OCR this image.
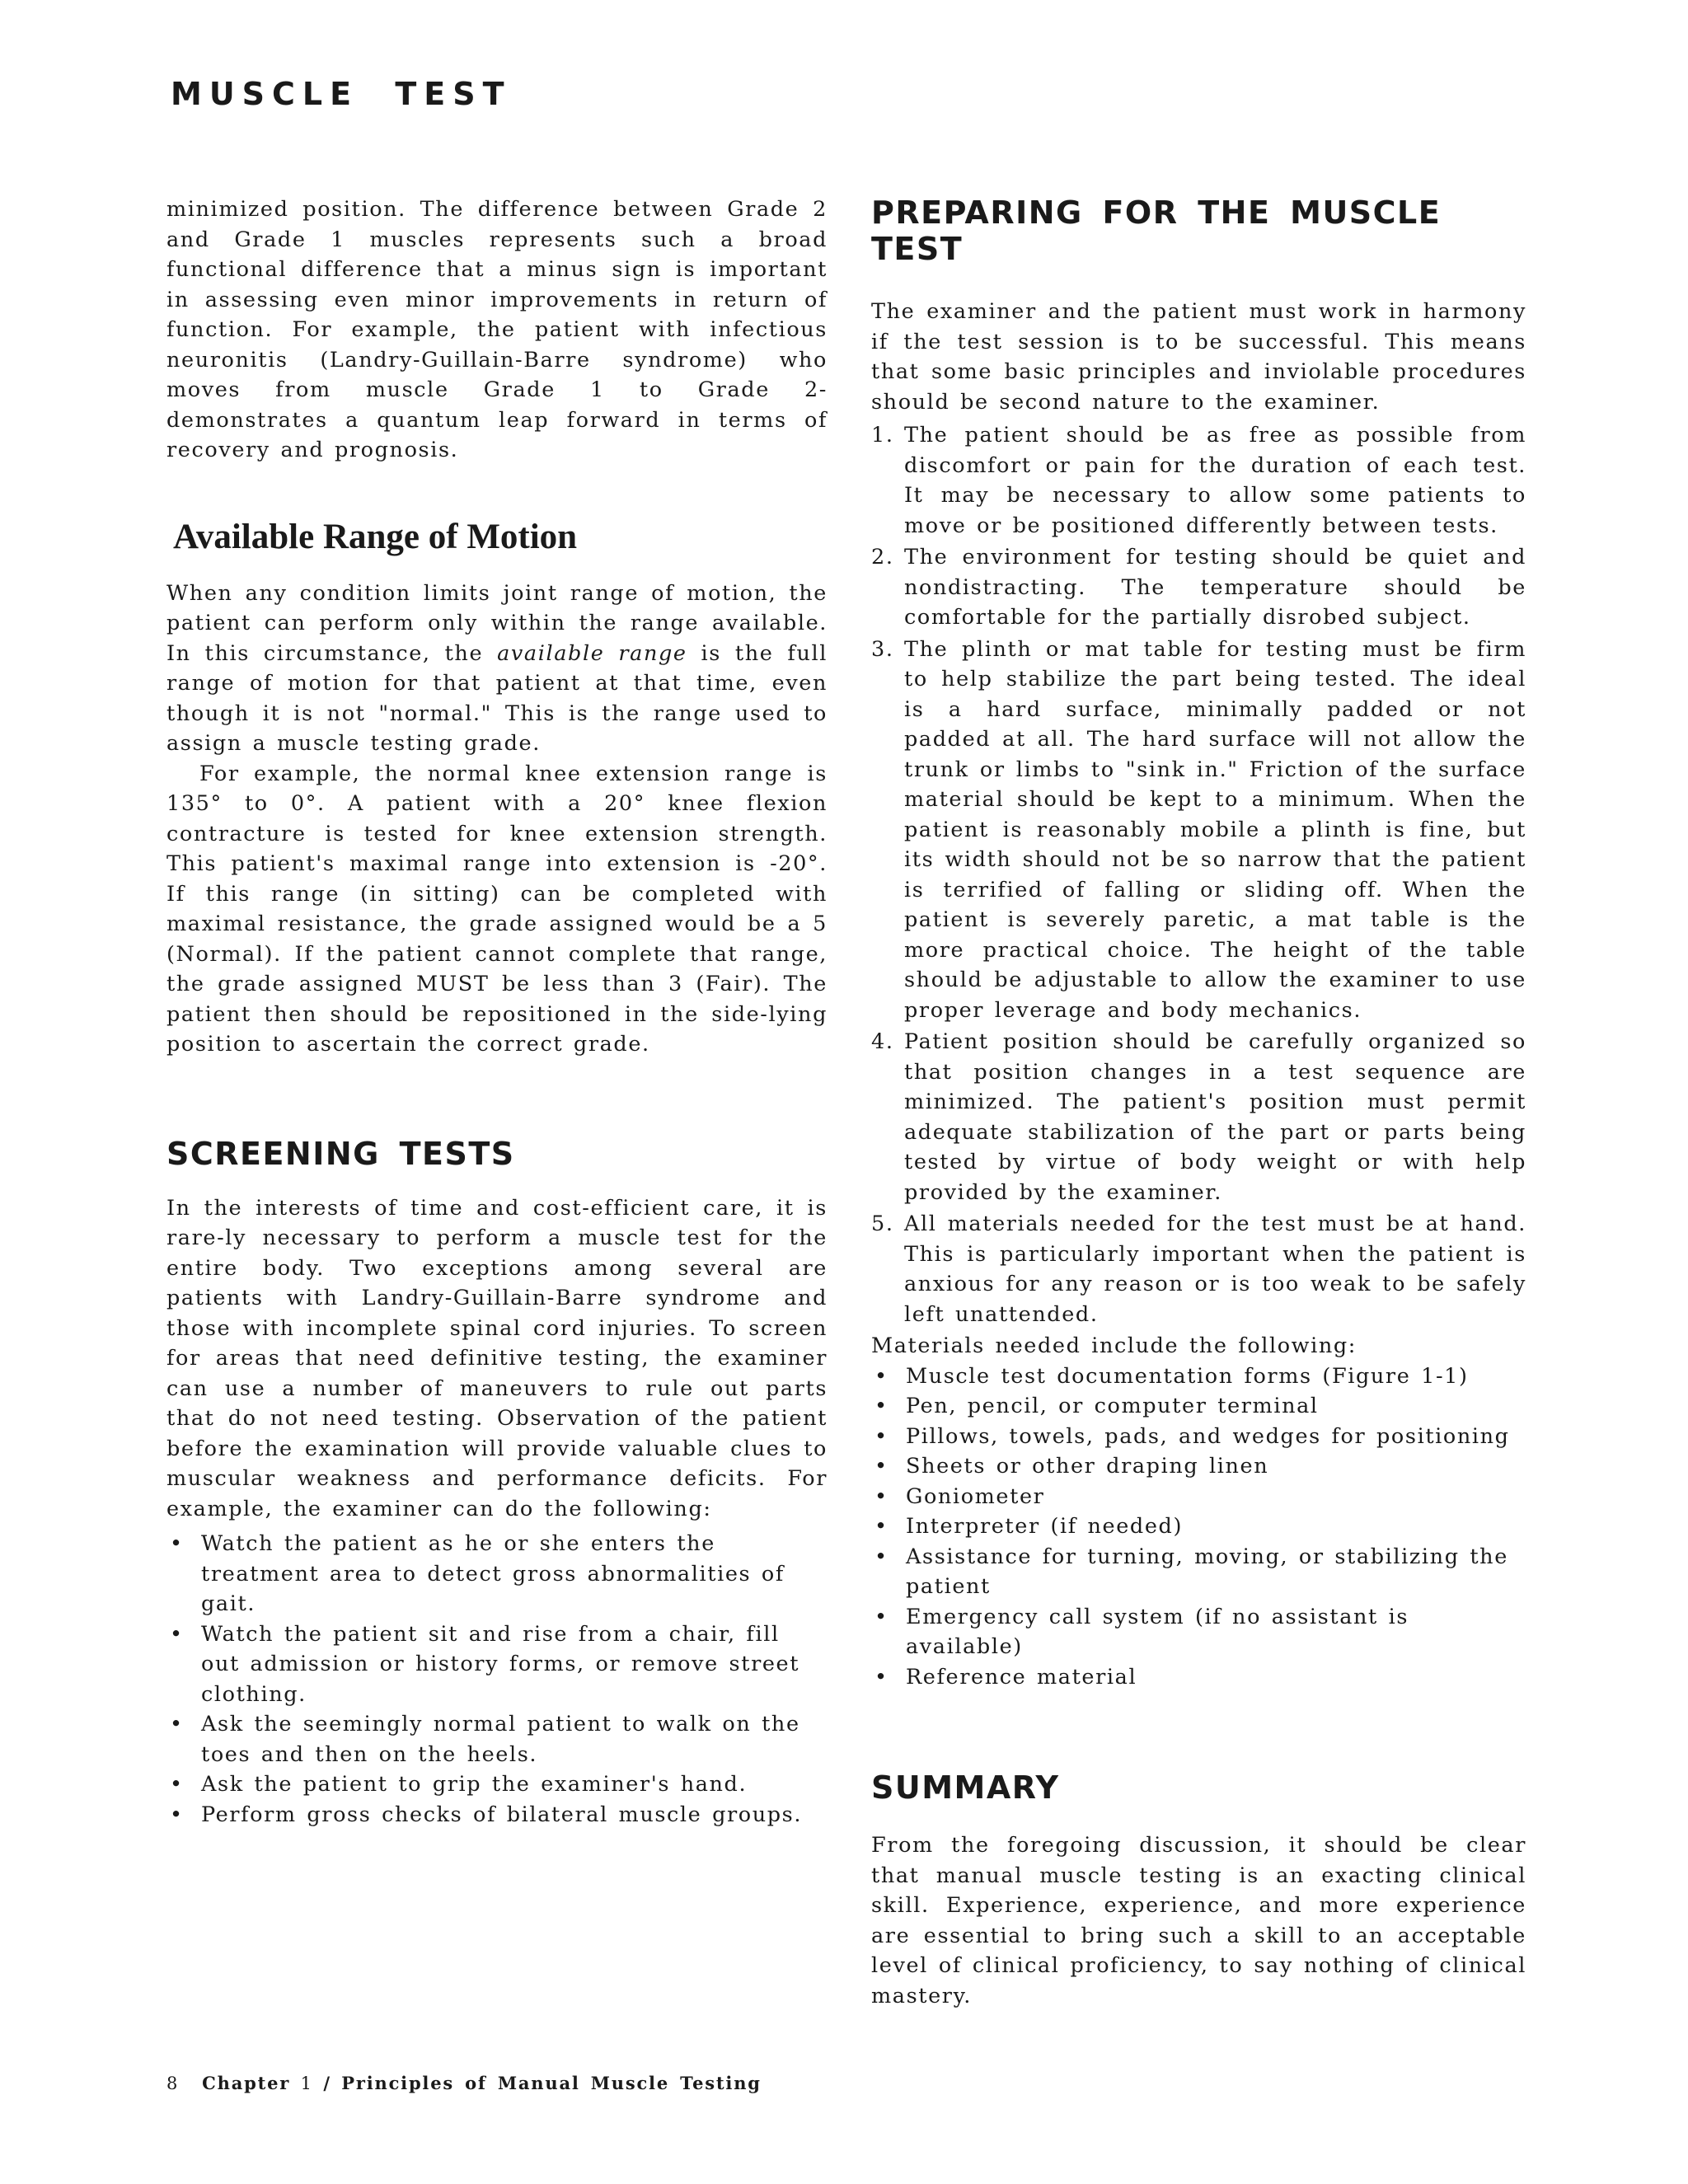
MUSCLE TEST

minimized position. The difference between Grade 2 and Grade 1 muscles represents such a broad functional difference that a minus sign is important in assessing even minor improvements in return of function. For example, the patient with infectious neuronitis (Landry-Guillain-Barre syndrome) who moves from muscle Grade 1 to Grade 2- demonstrates a quantum leap forward in terms of recovery and prognosis.

Available Range of Motion

When any condition limits joint range of motion, the patient can perform only within the range available. In this circumstance, the available range is the full range of motion for that patient at that time, even though it is not "normal." This is the range used to assign a muscle testing grade.

For example, the normal knee extension range is 135° to 0°. A patient with a 20° knee flexion contracture is tested for knee extension strength. This patient's maximal range into extension is -20°. If this range (in sitting) can be completed with maximal resistance, the grade assigned would be a 5 (Normal). If the patient cannot complete that range, the grade assigned MUST be less than 3 (Fair). The patient then should be repositioned in the side-lying position to ascertain the correct grade.

SCREENING TESTS

In the interests of time and cost-efficient care, it is rare-ly necessary to perform a muscle test for the entire body. Two exceptions among several are patients with Landry-Guillain-Barre syndrome and those with incomplete spinal cord injuries. To screen for areas that need definitive testing, the examiner can use a number of maneuvers to rule out parts that do not need testing. Observation of the patient before the examination will provide valuable clues to muscular weakness and performance deficits. For example, the examiner can do the following:

• Watch the patient as he or she enters the treatment area to detect gross abnormalities of gait.
• Watch the patient sit and rise from a chair, fill out admission or history forms, or remove street clothing.
• Ask the seemingly normal patient to walk on the toes and then on the heels.
• Ask the patient to grip the examiner's hand.
• Perform gross checks of bilateral muscle groups.
PREPARING FOR THE MUSCLE TEST

The examiner and the patient must work in harmony if the test session is to be successful. This means that some basic principles and inviolable procedures should be second nature to the examiner.

1. The patient should be as free as possible from discomfort or pain for the duration of each test. It may be necessary to allow some patients to move or be positioned differently between tests.
2. The environment for testing should be quiet and nondistracting. The temperature should be comfortable for the partially disrobed subject.
3. The plinth or mat table for testing must be firm to help stabilize the part being tested. The ideal is a hard surface, minimally padded or not padded at all. The hard surface will not allow the trunk or limbs to "sink in." Friction of the surface material should be kept to a minimum. When the patient is reasonably mobile a plinth is fine, but its width should not be so narrow that the patient is terrified of falling or sliding off. When the patient is severely paretic, a mat table is the more practical choice. The height of the table should be adjustable to allow the examiner to use proper leverage and body mechanics.
4. Patient position should be carefully organized so that position changes in a test sequence are minimized. The patient's position must permit adequate stabilization of the part or parts being tested by virtue of body weight or with help provided by the examiner.
5. All materials needed for the test must be at hand. This is particularly important when the patient is anxious for any reason or is too weak to be safely left unattended.

Materials needed include the following:

• Muscle test documentation forms (Figure 1-1)
• Pen, pencil, or computer terminal
• Pillows, towels, pads, and wedges for positioning
• Sheets or other draping linen
• Goniometer
• Interpreter (if needed)
• Assistance for turning, moving, or stabilizing the patient
• Emergency call system (if no assistant is available)
• Reference material
SUMMARY

From the foregoing discussion, it should be clear that manual muscle testing is an exacting clinical skill. Experience, experience, and more experience are essential to bring such a skill to an acceptable level of clinical proficiency, to say nothing of clinical mastery.

8 Chapter 1 / Principles of Manual Muscle Testing
